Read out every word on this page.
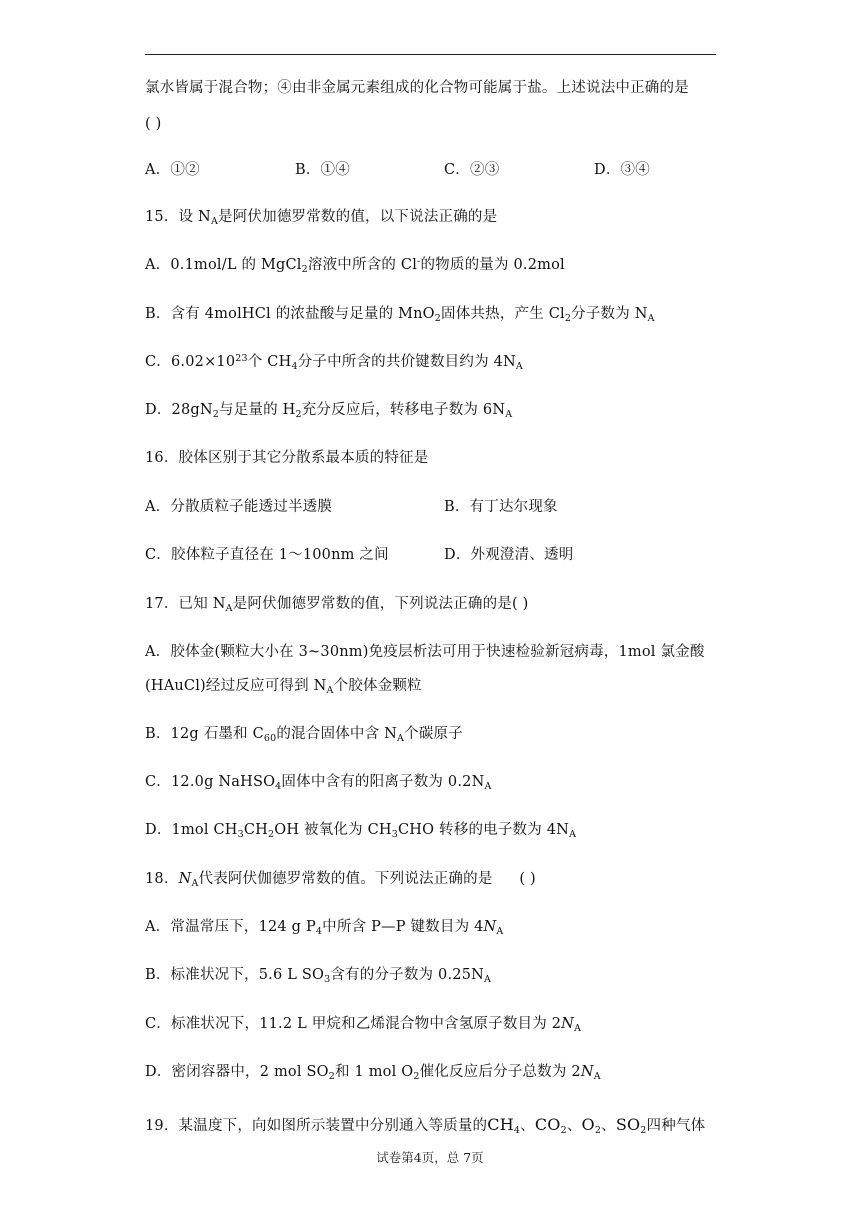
氯水皆属于混合物；④由非金属元素组成的化合物可能属于盐。上述说法中正确的是
( )
A．①②	B．①④	C．②③	D．③④
15．设 $N_A$是阿伏加德罗常数的值，以下说法正确的是
A．0.1mol/L 的 MgCl$_2$溶液中所含的 Cl-的物质的量为 0.2mol
B．含有 4molHCl 的浓盐酸与足量的 MnO$_2$固体共热，产生 $Cl_2$分子数为 $N_A$
C．$6.02\times 10^{23}$个 $CH_4$分子中所含的共价键数目约为 $4N_A$
D．$28gN_2$与足量的 $H_2$充分反应后，转移电子数为 $6N_A$
16．胶体区别于其它分散系最本质的特征是
A．分散质粒子能透过半透膜	B．有丁达尔现象
C．胶体粒子直径在 1～100nm 之间	D．外观澄清、透明
17．已知 $N_A$是阿伏伽德罗常数的值，下列说法正确的是( )
A．胶体金(颗粒大小在 3~30nm)免疫层析法可用于快速检验新冠病毒，1mol 氯金酸
(HAuCl)经过反应可得到 $N_A$个胶体金颗粒
B．12g 石墨和 $C_{60}$的混合固体中含 $N_A$个碳原子
C．12.0g NaHSO$_4$固体中含有的阳离子数为 $0.2N_A$
D．1mol $CH_3CH_2OH$ 被氧化为 $CH_3CHO$ 转移的电子数为 $4N_A$
18．$N_A$代表阿伏伽德罗常数的值。下列说法正确的是 ( )
A．常温常压下，124 g $P_4$中所含 P—P 键数目为 $4N_A$
B．标准状况下，5.6 L $SO_3$含有的分子数为 $0.25N_A$
C．标准状况下，11.2 L 甲烷和乙烯混合物中含氢原子数目为 $2N_A$
D．密闭容器中，2 mol $SO_2$和 1 mol $O_2$催化反应后分子总数为 $2N_A$
19．某温度下，向如图所示装置中分别通入等质量的$CH_4$、$CO_2$、$O_2$、$SO_2$四种气体
试卷第4页，总 7页
